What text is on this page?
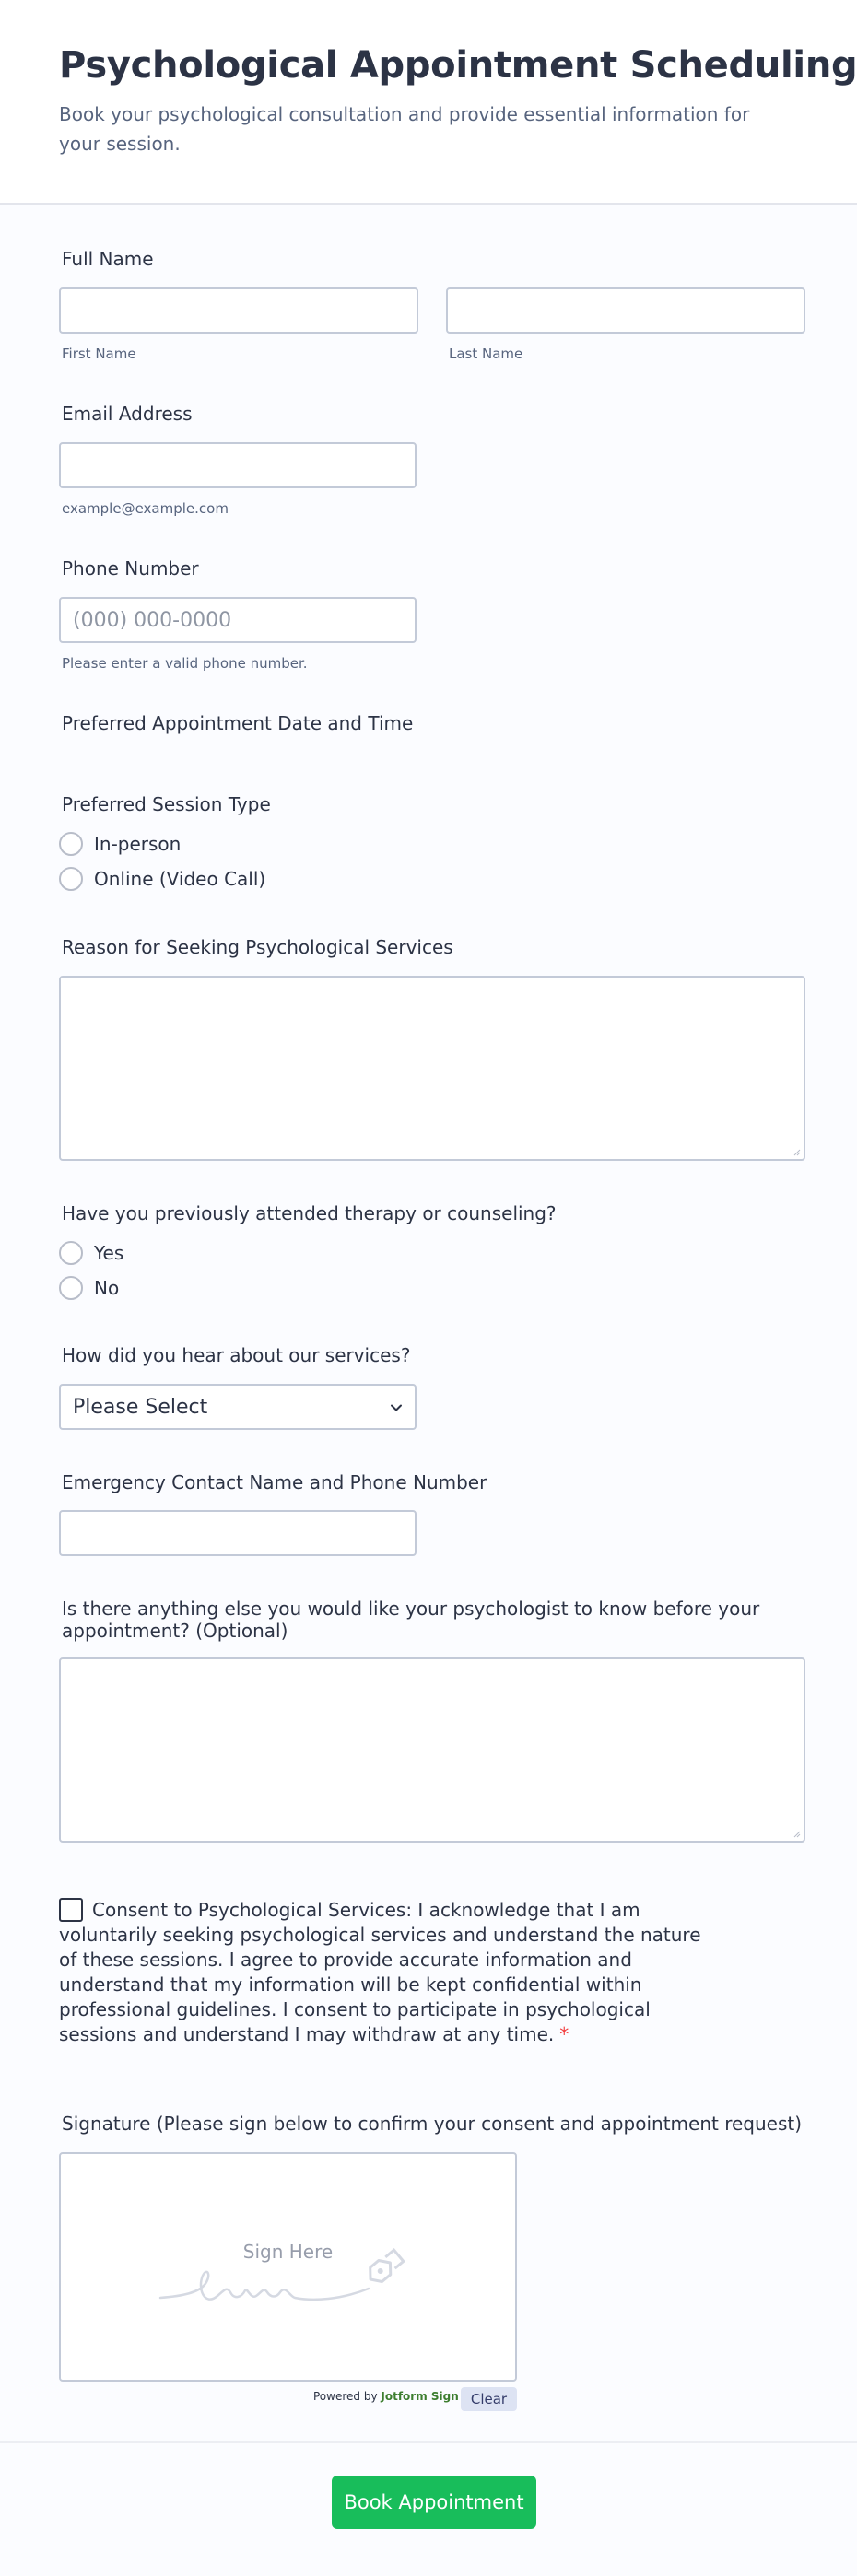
Psychological Appointment Scheduling

Book your psychological consultation and provide essential information for your session.

Full Name
First Name	Last Name
Email Address
example@example.com
Phone Number
(000) 000-0000
Please enter a valid phone number.
Preferred Appointment Date and Time
Preferred Session Type
In-person
Online (Video Call)
Reason for Seeking Psychological Services
Have you previously attended therapy or counseling?
Yes
No
How did you hear about our services?
Please Select
Emergency Contact Name and Phone Number
Is there anything else you would like your psychologist to know before your appointment? (Optional)
Consent to Psychological Services: I acknowledge that I am voluntarily seeking psychological services and understand the nature of these sessions. I agree to provide accurate information and understand that my information will be kept confidential within professional guidelines. I consent to participate in psychological sessions and understand I may withdraw at any time. *
Signature (Please sign below to confirm your consent and appointment request)
Sign Here
Powered by Jotform Sign Clear
Book Appointment
